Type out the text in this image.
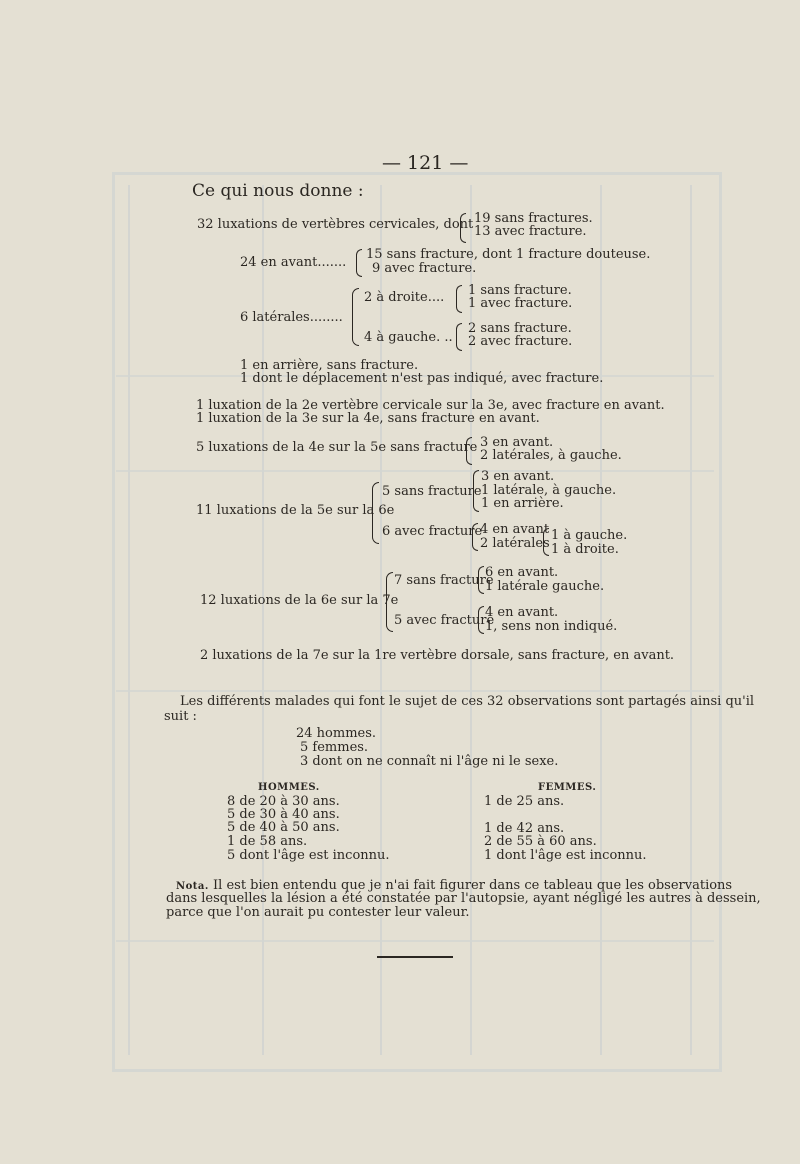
— 121 —
Ce qui nous donne :
32 luxations de vertèbres cervicales, dont 19 sans fractures.
13 avec fracture.
24 en avant.......
15 sans fracture, dont 1 fracture douteuse.
9 avec fracture.
6 latérales........
2 à droite.... 1 sans fracture.
1 avec fracture.
4 à gauche. ..
2 sans fracture.
2 avec fracture.
1 en arrière, sans fracture.
1 dont le déplacement n'est pas indiqué, avec fracture.
1 luxation de la 2e vertèbre cervicale sur la 3e, avec fracture en avant.
1 luxation de la 3e sur la 4e, sans fracture en avant.
5 luxations de la 4e sur la 5e sans fracture 3 en avant.
2 latérales, à gauche.
11 luxations de la 5e sur la 6e
5 sans fracture
3 en avant.
1 latérale, à gauche.
1 en arrière.
6 avec fracture
4 en avant
2 latérales
1 à gauche.
1 à droite.
12 luxations de la 6e sur la 7e
7 sans fracture
6 en avant.
1 latérale gauche.
5 avec fracture
4 en avant.
1, sens non indiqué.
2 luxations de la 7e sur la 1re vertèbre dorsale, sans fracture, en avant.
Les différents malades qui font le sujet de ces 32 observations sont partagés ainsi qu'il
suit :
24 hommes.
5 femmes.
3 dont on ne connaît ni l'âge ni le sexe.
HOMMES.	FEMMES.
8 de 20 à 30 ans.
5 de 30 à 40 ans.
5 de 40 à 50 ans.
1 de 58 ans.
5 dont l'âge est inconnu.
1 de 25 ans.
1 de 42 ans.
2 de 55 à 60 ans.
1 dont l'âge est inconnu.
Nota. Il est bien entendu que je n'ai fait figurer dans ce tableau que les observations
dans lesquelles la lésion a été constatée par l'autopsie, ayant négligé les autres à dessein,
parce que l'on aurait pu contester leur valeur.
